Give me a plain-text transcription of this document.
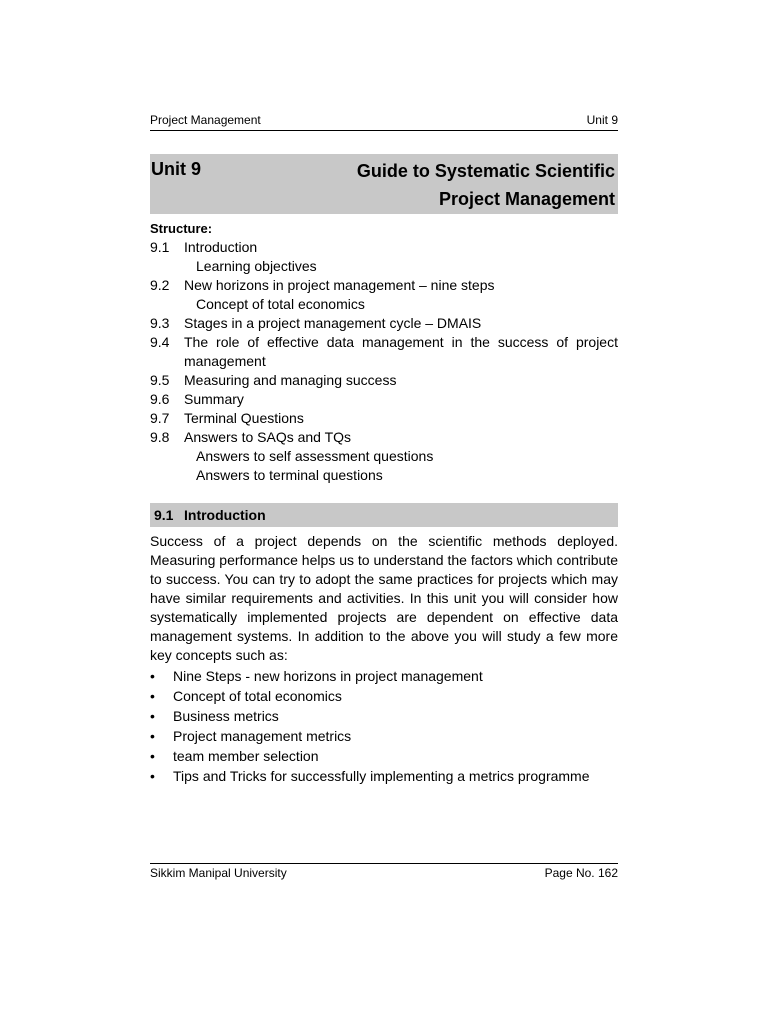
Project Management	Unit 9
Unit 9	Guide to Systematic Scientific
Project Management
Structure:
9.1 Introduction
Learning objectives
9.2 New horizons in project management – nine steps
Concept of total economics
9.3 Stages in a project management cycle – DMAIS
9.4 The role of effective data management in the success of project management
9.5 Measuring and managing success
9.6 Summary
9.7 Terminal Questions
9.8 Answers to SAQs and TQs
Answers to self assessment questions
Answers to terminal questions
9.1 Introduction

Success of a project depends on the scientific methods deployed. Measuring performance helps us to understand the factors which contribute to success. You can try to adopt the same practices for projects which may have similar requirements and activities. In this unit you will consider how systematically implemented projects are dependent on effective data management systems. In addition to the above you will study a few more key concepts such as:

• Nine Steps - new horizons in project management
• Concept of total economics
• Business metrics
• Project management metrics
• team member selection
• Tips and Tricks for successfully implementing a metrics programme
Sikkim Manipal University	Page No. 162
